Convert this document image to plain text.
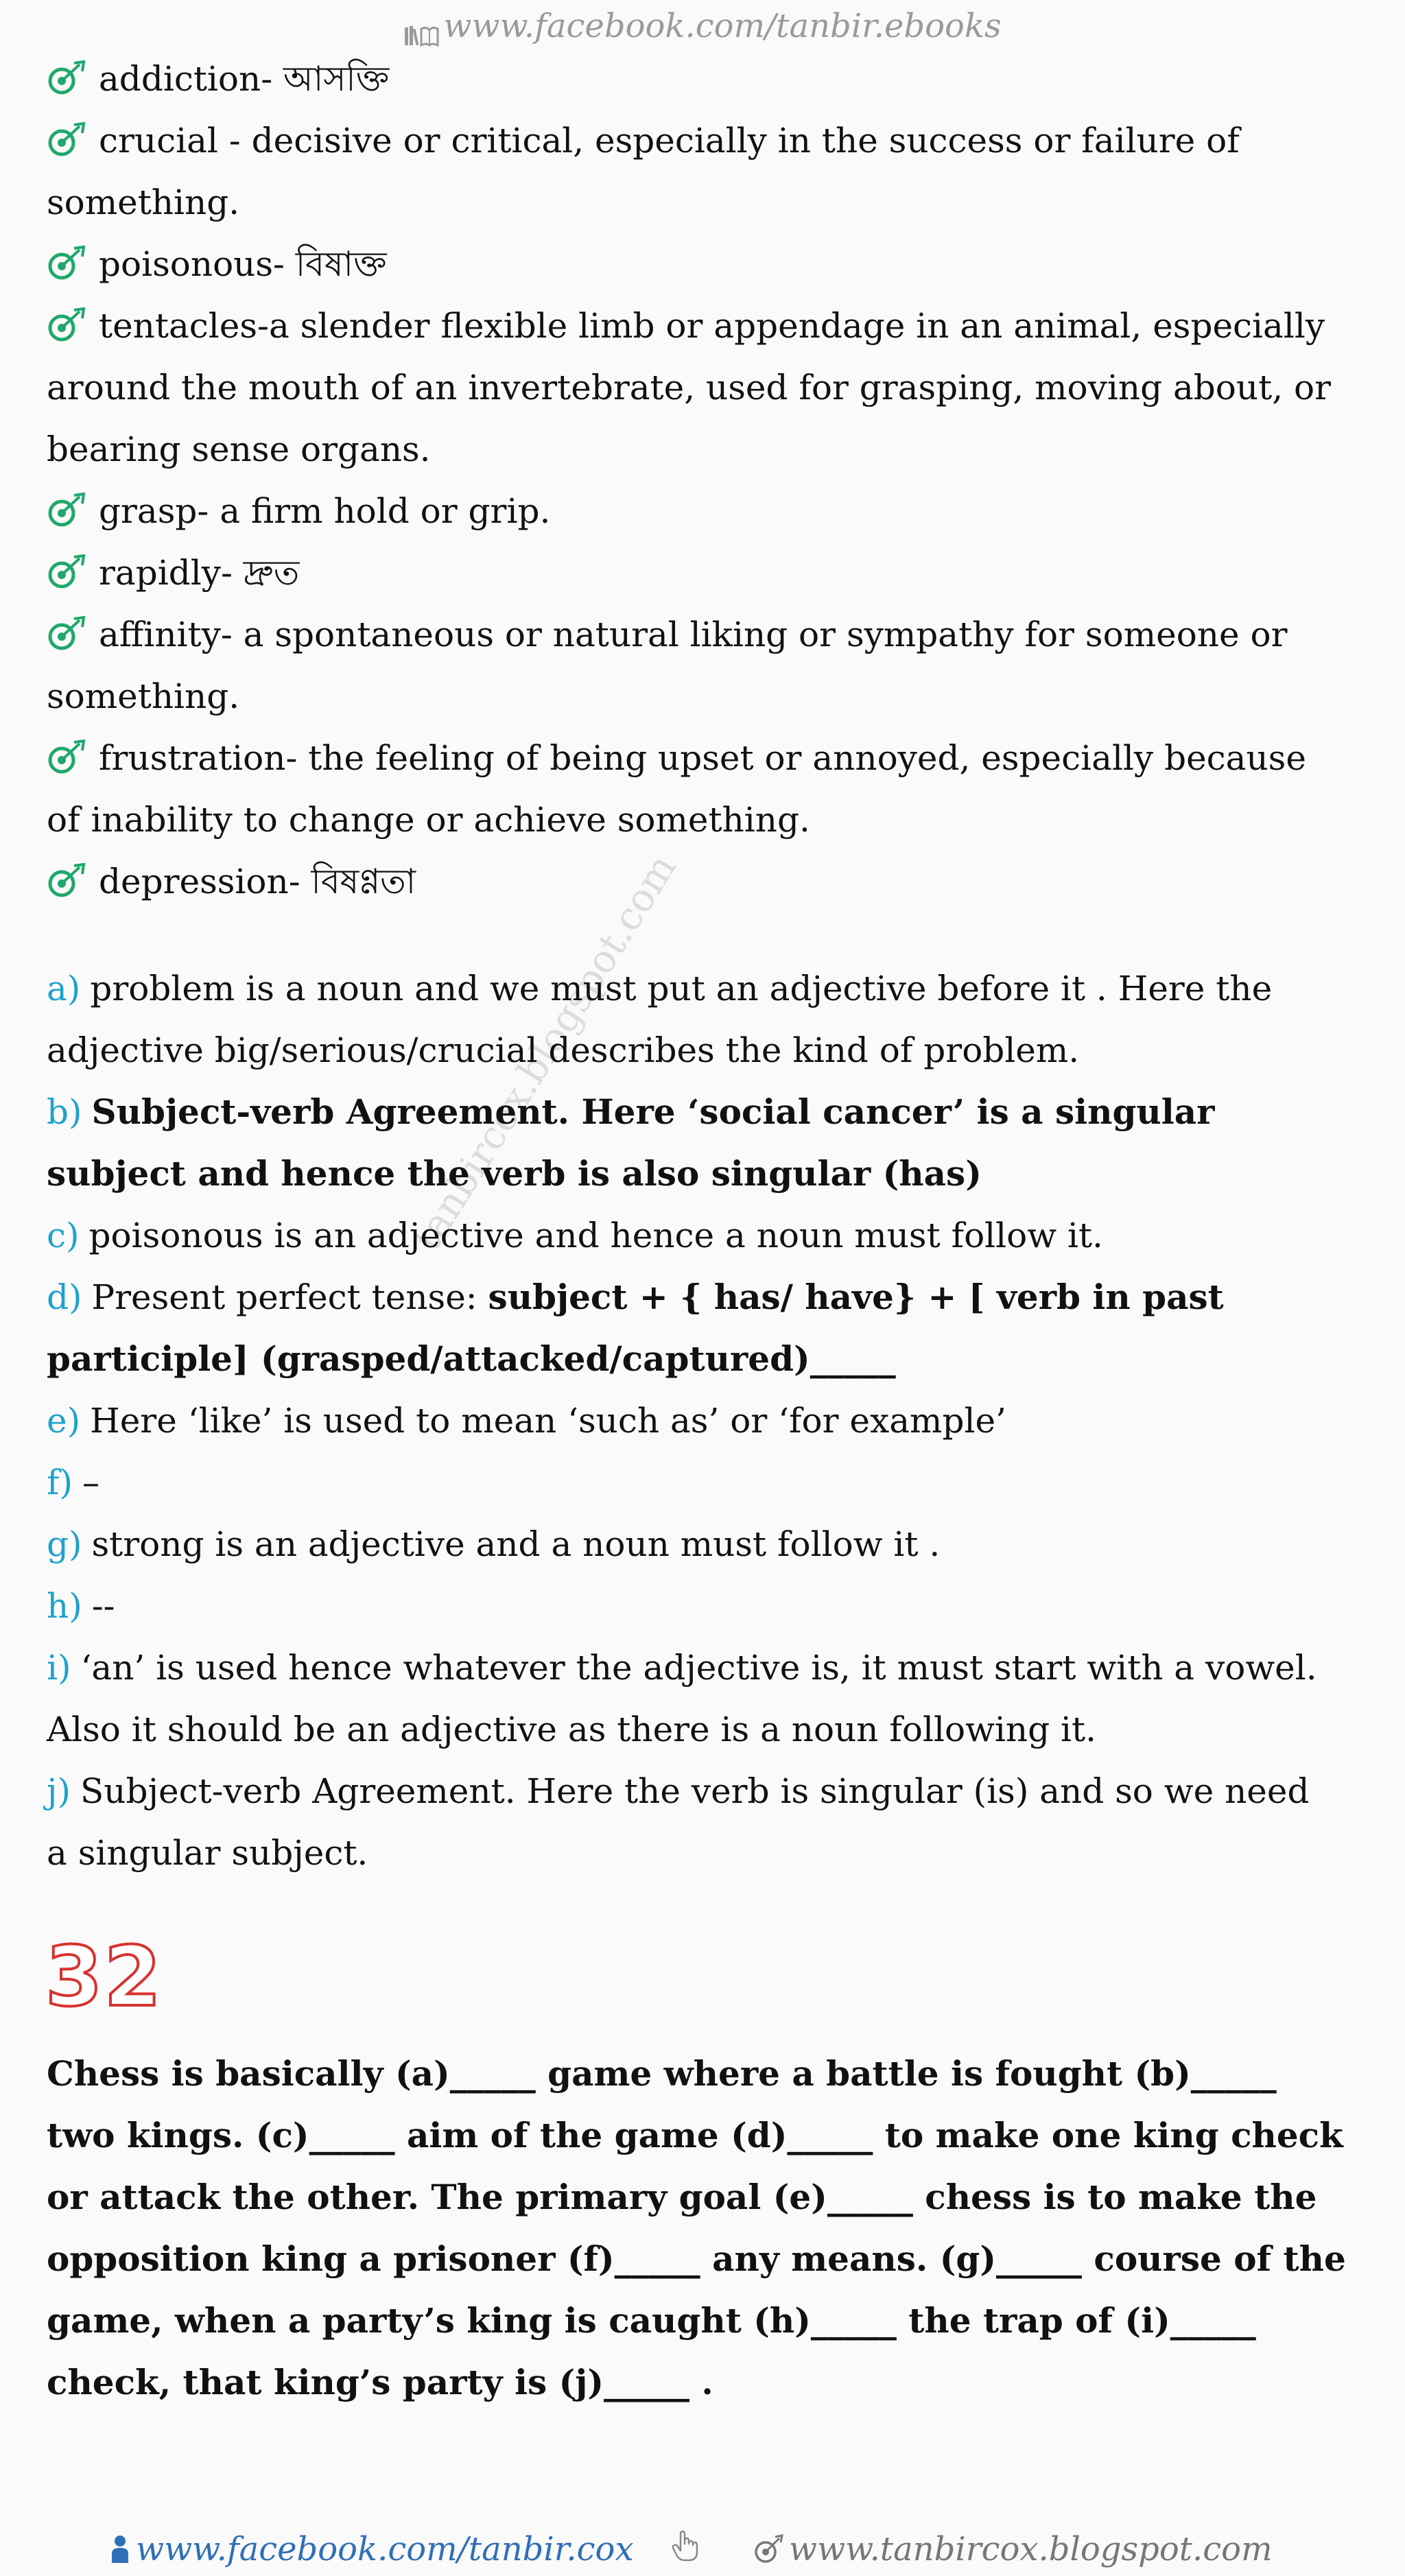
www.facebook.com/tanbir.ebooks
tanbircox.blogspot.com
addiction- আসক্তি
crucial - decisive or critical, especially in the success or failure of something.
poisonous- বিষাক্ত
tentacles-a slender flexible limb or appendage in an animal, especially around the mouth of an invertebrate, used for grasping, moving about, or bearing sense organs.
grasp- a firm hold or grip.
rapidly- দ্রুত
affinity- a spontaneous or natural liking or sympathy for someone or something.
frustration- the feeling of being upset or annoyed, especially because of inability to change or achieve something.
depression- বিষণ্ণতা
a) problem is a noun and we must put an adjective before it . Here the adjective big/serious/crucial describes the kind of problem.
b) Subject-verb Agreement. Here ‘social cancer’ is a singular subject and hence the verb is also singular (has)
c) poisonous is an adjective and hence a noun must follow it.
d) Present perfect tense: subject + { has/ have} + [ verb in past participle] (grasped/attacked/captured)_____
e) Here ‘like’ is used to mean ‘such as’ or ‘for example’
f) –
g) strong is an adjective and a noun must follow it .
h) --
i) ‘an’ is used hence whatever the adjective is, it must start with a vowel. Also it should be an adjective as there is a noun following it.
j) Subject-verb Agreement. Here the verb is singular (is) and so we need a singular subject.
32
Chess is basically (a)_____ game where a battle is fought (b)_____ two kings. (c)_____ aim of the game (d)_____ to make one king check or attack the other. The primary goal (e)_____ chess is to make the opposition king a prisoner (f)_____ any means. (g)_____ course of the game, when a party’s king is caught (h)_____ the trap of (i)_____ check, that king’s party is (j)_____ .
www.facebook.com/tanbir.cox	www.tanbircox.blogspot.com
